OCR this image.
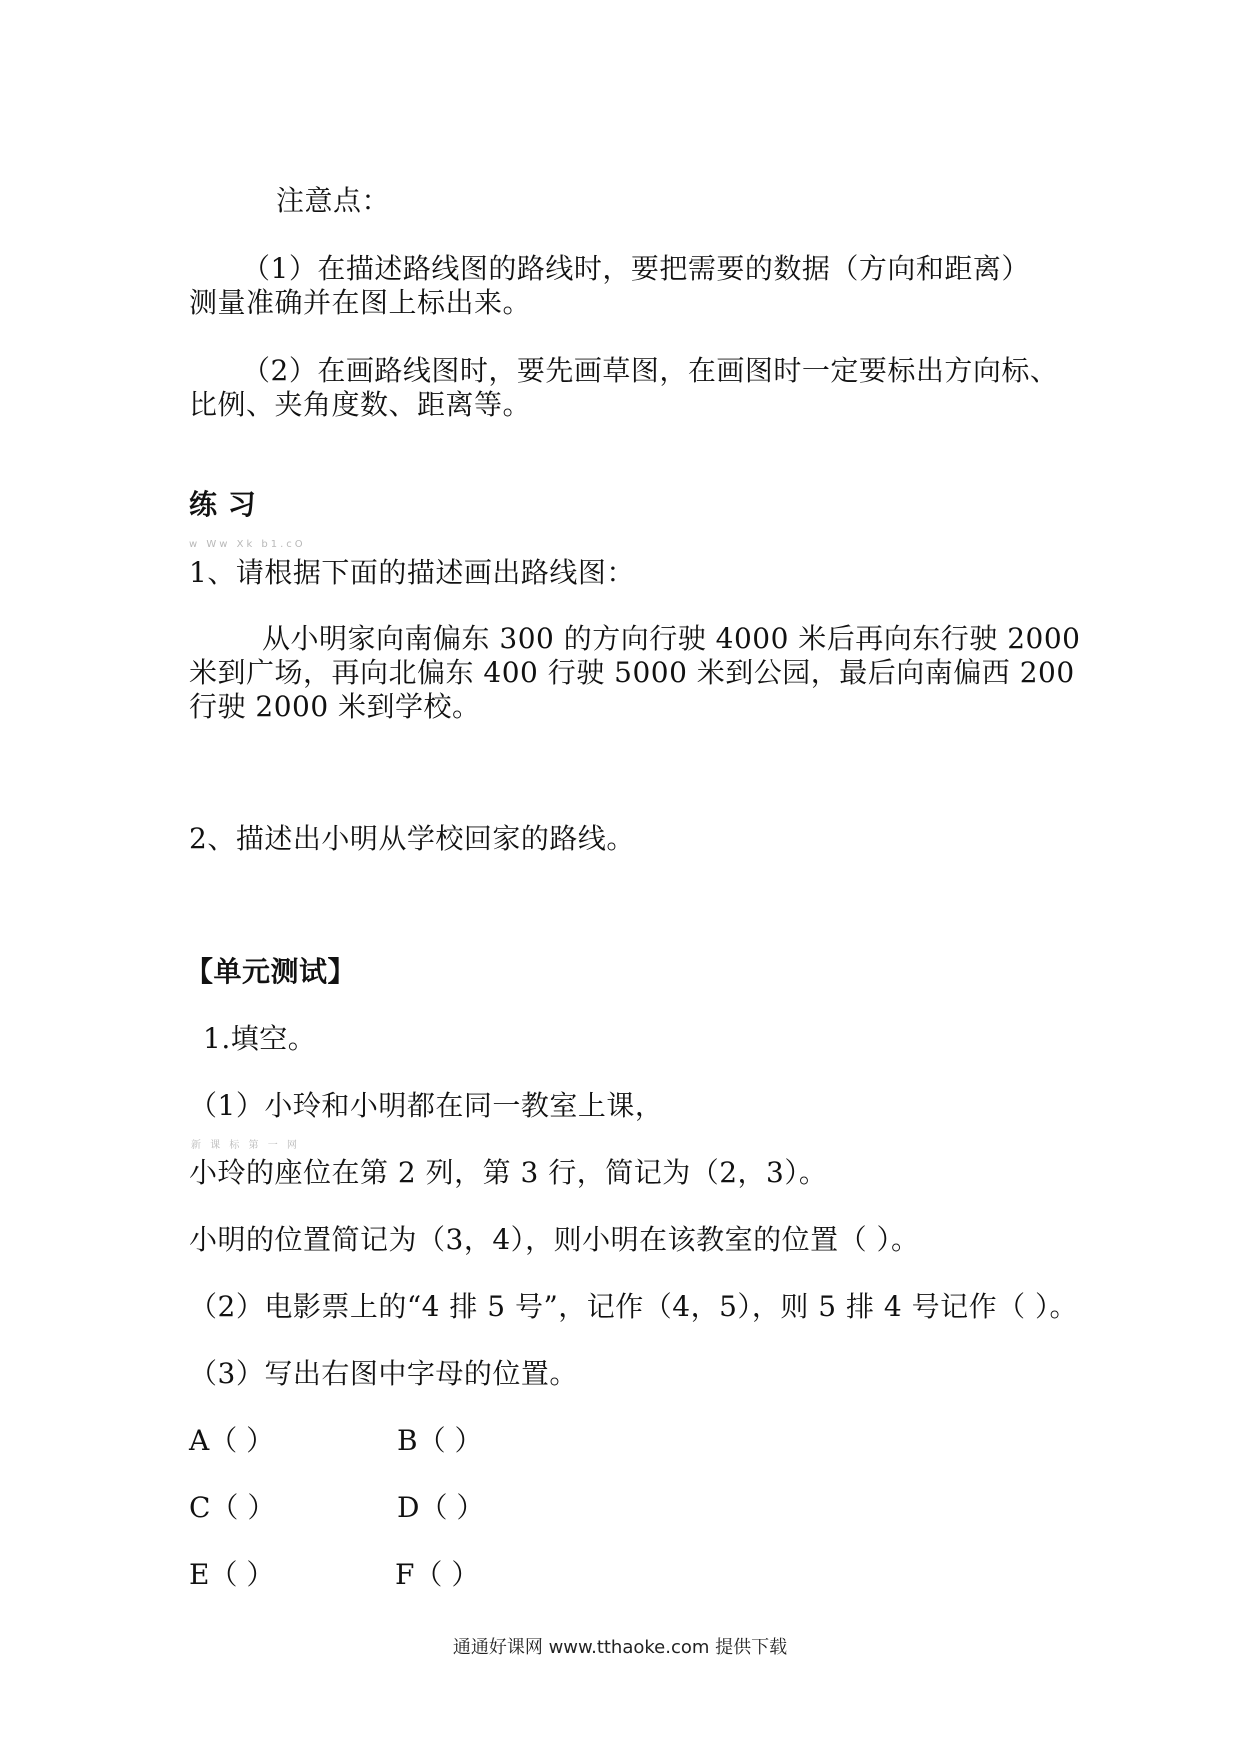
注意点：
（1）在描述路线图的路线时，要把需要的数据（方向和距离）
测量准确并在图上标出来。
（2）在画路线图时，要先画草图，在画图时一定要标出方向标、
比例、夹角度数、距离等。
练 习
w Ww Xk b1.cO
1、请根据下面的描述画出路线图：
从小明家向南偏东 300 的方向行驶 4000 米后再向东行驶 2000
米到广场，再向北偏东 400 行驶 5000 米到公园，最后向南偏西 200
行驶 2000 米到学校。
2、描述出小明从学校回家的路线。
【单元测试】
1.填空。
（1）小玲和小明都在同一教室上课，
新 课 标 第 一 网
小玲的座位在第 2 列，第 3 行，简记为（2，3）。
小明的位置简记为（3，4），则小明在该教室的位置（ ）。
（2）电影票上的“4 排 5 号”，记作（4，5），则 5 排 4 号记作（ ）。
（3）写出右图中字母的位置。
A（ ）	B（ ）
C（ ）	D（ ）
E（ ）	F（ ）
通通好课网 www.tthaoke.com 提供下载
